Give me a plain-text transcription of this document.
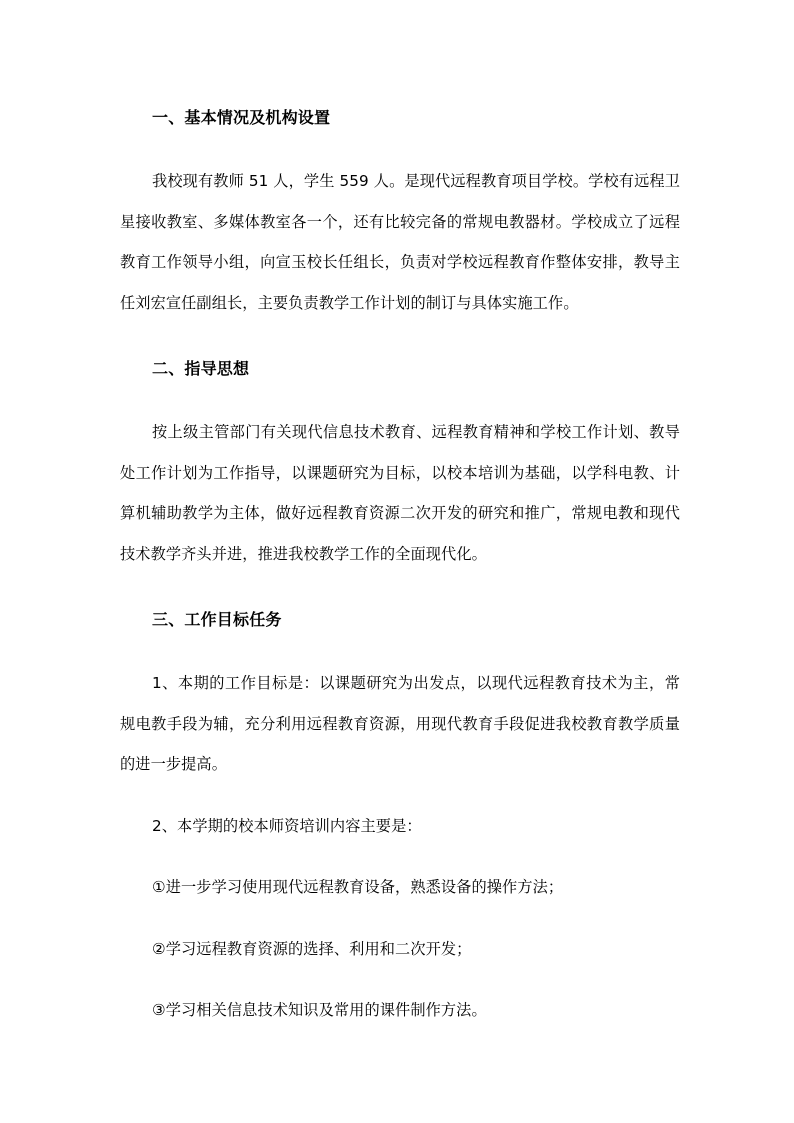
一、基本情况及机构设置

我校现有教师 51 人，学生 559 人。是现代远程教育项目学校。学校有远程卫星接收教室、多媒体教室各一个，还有比较完备的常规电教器材。学校成立了远程教育工作领导小组，向宣玉校长任组长，负责对学校远程教育作整体安排，教导主任刘宏宣任副组长，主要负责教学工作计划的制订与具体实施工作。

二、指导思想

按上级主管部门有关现代信息技术教育、远程教育精神和学校工作计划、教导处工作计划为工作指导，以课题研究为目标，以校本培训为基础，以学科电教、计算机辅助教学为主体，做好远程教育资源二次开发的研究和推广，常规电教和现代技术教学齐头并进，推进我校教学工作的全面现代化。

三、工作目标任务

1、本期的工作目标是：以课题研究为出发点，以现代远程教育技术为主，常规电教手段为辅，充分利用远程教育资源，用现代教育手段促进我校教育教学质量的进一步提高。

2、本学期的校本师资培训内容主要是：

①进一步学习使用现代远程教育设备，熟悉设备的操作方法；

②学习远程教育资源的选择、利用和二次开发；

③学习相关信息技术知识及常用的课件制作方法。
